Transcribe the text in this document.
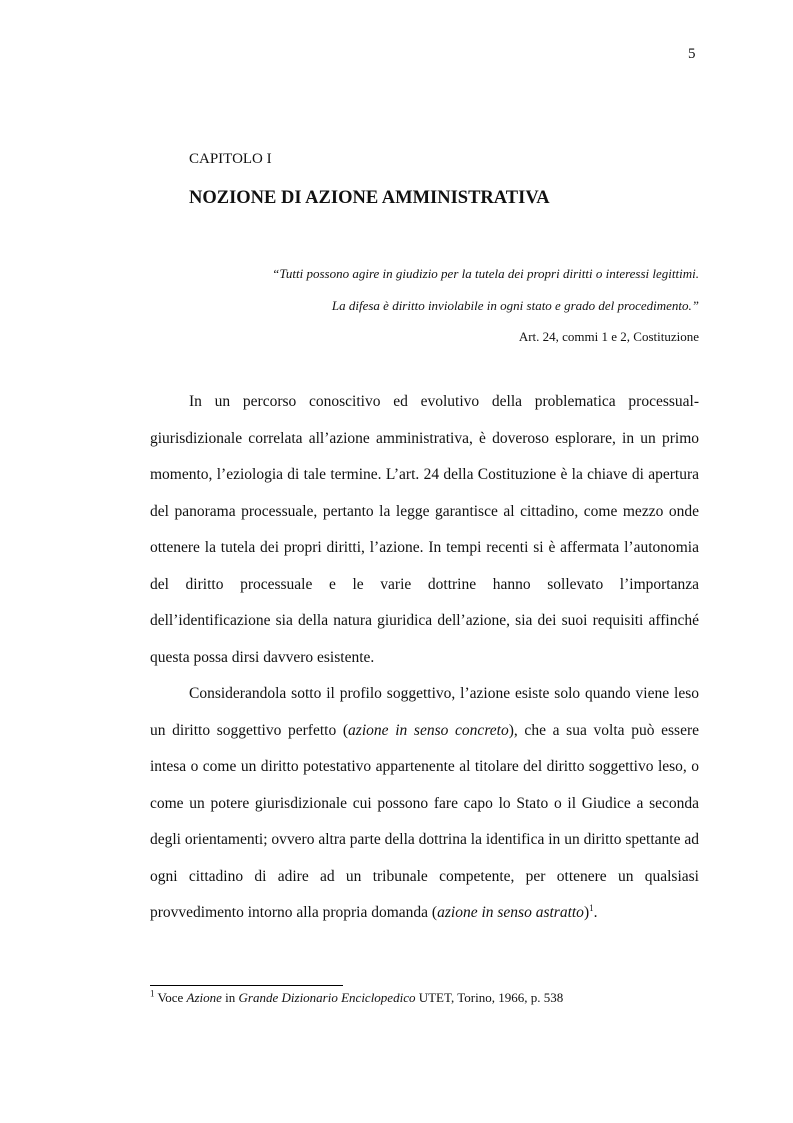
5
CAPITOLO I
NOZIONE DI AZIONE AMMINISTRATIVA
“Tutti possono agire in giudizio per la tutela dei propri diritti o interessi legittimi.
La difesa è diritto inviolabile in ogni stato e grado del procedimento.”
Art. 24, commi 1 e 2, Costituzione

In un percorso conoscitivo ed evolutivo della problematica processual-giurisdizionale correlata all’azione amministrativa, è doveroso esplorare, in un primo momento, l’eziologia di tale termine. L’art. 24 della Costituzione è la chiave di apertura del panorama processuale, pertanto la legge garantisce al cittadino, come mezzo onde ottenere la tutela dei propri diritti, l’azione. In tempi recenti si è affermata l’autonomia del diritto processuale e le varie dottrine hanno sollevato l’importanza dell’identificazione sia della natura giuridica dell’azione, sia dei suoi requisiti affinché questa possa dirsi davvero esistente.

Considerandola sotto il profilo soggettivo, l’azione esiste solo quando viene leso un diritto soggettivo perfetto (azione in senso concreto), che a sua volta può essere intesa o come un diritto potestativo appartenente al titolare del diritto soggettivo leso, o come un potere giurisdizionale cui possono fare capo lo Stato o il Giudice a seconda degli orientamenti; ovvero altra parte della dottrina la identifica in un diritto spettante ad ogni cittadino di adire ad un tribunale competente, per ottenere un qualsiasi provvedimento intorno alla propria domanda (azione in senso astratto)$^1$.

$^1$ Voce Azione in Grande Dizionario Enciclopedico UTET, Torino, 1966, p. 538
